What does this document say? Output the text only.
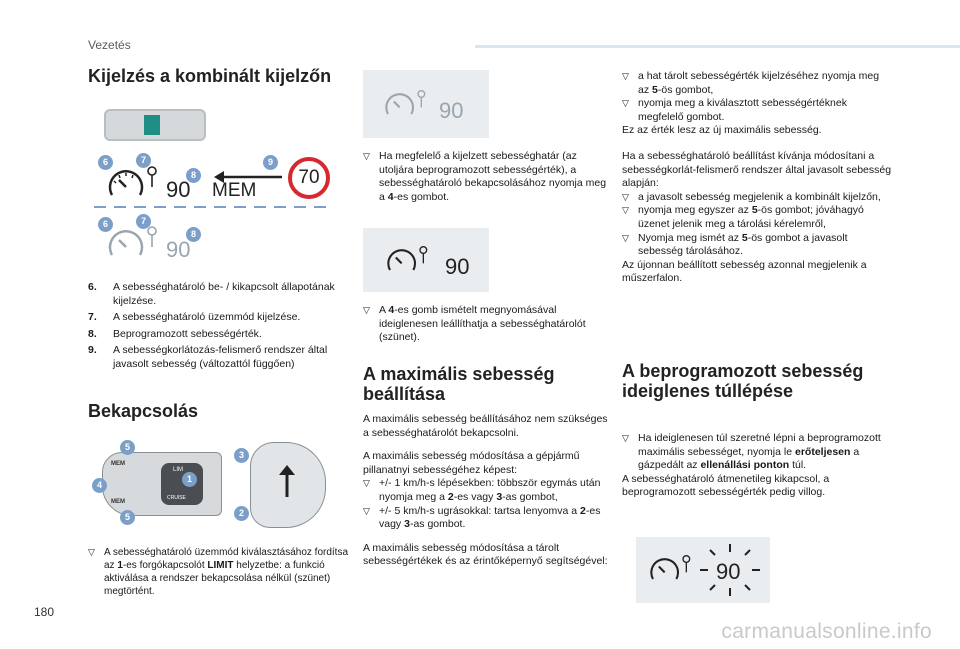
Vezetés
Kijelzés a kombinált kijelzőn
6	7
8
9
90 MEM
70
6	7
8
90
6. A sebességhatároló be- / kikapcsolt állapotának kijelzése.
7. A sebességhatároló üzemmód kijelzése.
8. Beprogramozott sebességérték.
9. A sebességkorlátozás-felismerő rendszer által javasolt sebesség (változattól függően)
Bekapcsolás
MEM
MEM
LIM
CRUISE
5
4
5
3
1
2
▽ A sebességhatároló üzemmód kiválasztásához fordítsa az 1-es forgókapcsolót LIMIT helyzetbe: a funkció aktiválása a rendszer bekapcsolása nélkül (szünet) megtörtént.
90
▽ Ha megfelelő a kijelzett sebességhatár (az utoljára beprogramozott sebességérték), a sebességhatároló bekapcsolásához nyomja meg a 4-es gombot.
90
▽ A 4-es gomb ismételt megnyomásával ideiglenesen leállíthatja a sebességhatárolót (szünet).
A maximális sebesség beállítása

A maximális sebesség beállításához nem szükséges a sebességhatárolót bekapcsolni.

A maximális sebesség módosítása a gépjármű pillanatnyi sebességéhez képest:

▽ +/- 1 km/h-s lépésekben: többször egymás után nyomja meg a 2-es vagy 3-as gombot,
▽ +/- 5 km/h-s ugrásokkal: tartsa lenyomva a 2-es vagy 3-as gombot.

A maximális sebesség módosítása a tárolt sebességértékek és az érintőképernyő segítségével:

▽ a hat tárolt sebességérték kijelzéséhez nyomja meg az 5-ös gombot,
▽ nyomja meg a kiválasztott sebességértéknek megfelelő gombot.

Ez az érték lesz az új maximális sebesség.

Ha a sebességhatároló beállítást kívánja módosítani a sebességkorlát-felismerő rendszer által javasolt sebesség alapján:

▽ a javasolt sebesség megjelenik a kombinált kijelzőn,
▽ nyomja meg egyszer az 5-ös gombot; jóváhagyó üzenet jelenik meg a tárolási kérelemről,
▽ Nyomja meg ismét az 5-ös gombot a javasolt sebesség tárolásához.

Az újonnan beállított sebesség azonnal megjelenik a műszerfalon.

A beprogramozott sebesség ideiglenes túllépése
▽ Ha ideiglenesen túl szeretné lépni a beprogramozott maximális sebességet, nyomja le erőteljesen a gázpedált az ellenállási ponton túl.

A sebességhatároló átmenetileg kikapcsol, a beprogramozott sebességérték pedig villog.

90
180
carmanualsonline.info
